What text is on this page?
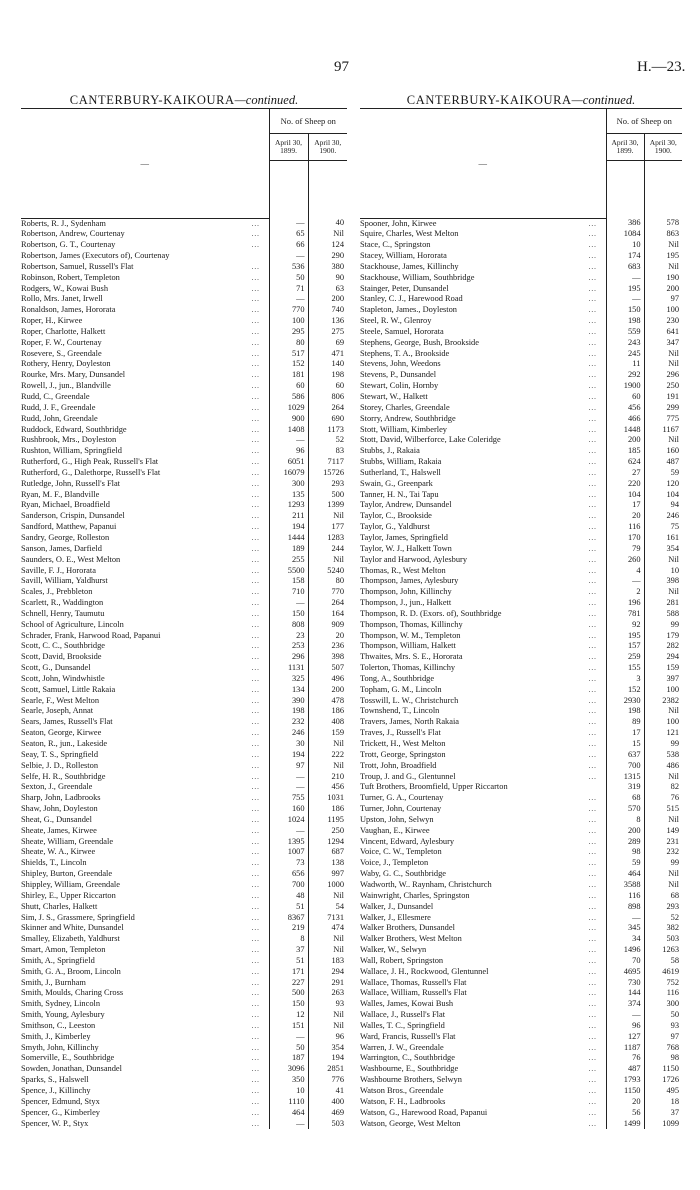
97	H.—23.
CANTERBURY-KAIKOURA—continued.
—		No. of Sheep on	
		April 30, 1899.	April 30, 1900.

Roberts, R. J., Sydenham	...	—	40
Robertson, Andrew, Courtenay	...	65	Nil
Robertson, G. T., Courtenay	...	66	124
Robertson, James (Executors of), Courtenay		—	290
Robertson, Samuel, Russell's Flat	...	536	380
Robinson, Robert, Templeton	...	50	90
Rodgers, W., Kowai Bush	...	71	63
Rollo, Mrs. Janet, Irwell	...	—	200
Ronaldson, James, Hororata	...	770	740
Roper, H., Kirwee	...	100	136
Roper, Charlotte, Halkett	...	295	275
Roper, F. W., Courtenay	...	80	69
Rosevere, S., Greendale	...	517	471
Rothery, Henry, Doyleston	...	152	140
Rourke, Mrs. Mary, Dunsandel	...	181	198
Rowell, J., jun., Blandville	...	60	60
Rudd, C., Greendale	...	586	806
Rudd, J. F., Greendale	...	1029	264
Rudd, John, Greendale	...	900	690
Ruddock, Edward, Southbridge	...	1408	1173
Rushbrook, Mrs., Doyleston	...	—	52
Rushton, William, Springfield	...	96	83
Rutherford, G., High Peak, Russell's Flat	...	6051	7117
Rutherford, G., Dalethorpe, Russell's Flat	...	16079	15726
Rutledge, John, Russell's Flat	...	300	293
Ryan, M. F., Blandville	...	135	500
Ryan, Michael, Broadfield	...	1293	1399
Sanderson, Crispin, Dunsandel	...	211	Nil
Sandford, Matthew, Papanui	...	194	177
Sandry, George, Rolleston	...	1444	1283
Sanson, James, Darfield	...	189	244
Saunders, O. E., West Melton	...	255	Nil
Saville, F. J., Hororata	...	5500	5240
Savill, William, Yaldhurst	...	158	80
Scales, J., Prebbleton	...	710	770
Scarlett, R., Waddington	...	—	264
Schnell, Henry, Taumutu	...	150	164
School of Agriculture, Lincoln	...	808	909
Schrader, Frank, Harwood Road, Papanui	...	23	20
Scott, C. C., Southbridge	...	253	236
Scott, David, Brookside	...	296	398
Scott, G., Dunsandel	...	1131	507
Scott, John, Windwhistle	...	325	496
Scott, Samuel, Little Rakaia	...	134	200
Searle, F., West Melton	...	390	478
Searle, Joseph, Annat	...	198	186
Sears, James, Russell's Flat	...	232	408
Seaton, George, Kirwee	...	246	159
Seaton, R., jun., Lakeside	...	30	Nil
Seay, T. S., Springfield	...	194	222
Selbie, J. D., Rolleston	...	97	Nil
Selfe, H. R., Southbridge	...	—	210
Sexton, J., Greendale	...	—	456
Sharp, John, Ladbrooks	...	755	1031
Shaw, John, Doyleston	...	160	186
Sheat, G., Dunsandel	...	1024	1195
Sheate, James, Kirwee	...	—	250
Sheate, William, Greendale	...	1395	1294
Sheate, W. A., Kirwee	...	1007	687
Shields, T., Lincoln	...	73	138
Shipley, Burton, Greendale	...	656	997
Shippley, William, Greendale	...	700	1000
Shirley, E., Upper Riccarton	...	48	Nil
Shutt, Charles, Halkett	...	51	54
Sim, J. S., Grassmere, Springfield	...	8367	7131
Skinner and White, Dunsandel	...	219	474
Smalley, Elizabeth, Yaldhurst	...	8	Nil
Smart, Amon, Templeton	...	37	Nil
Smith, A., Springfield	...	51	183
Smith, G. A., Broom, Lincoln	...	171	294
Smith, J., Burnham	...	227	291
Smith, Moulds, Charing Cross	...	500	263
Smith, Sydney, Lincoln	...	150	93
Smith, Young, Aylesbury	...	12	Nil
Smithson, C., Leeston	...	151	Nil
Smith, J., Kimberley	...	—	96
Smyth, John, Killinchy	...	50	354
Somerville, E., Southbridge	...	187	194
Sowden, Jonathan, Dunsandel	...	3096	2851
Sparks, S., Halswell	...	350	776
Spence, J., Killinchy	...	10	41
Spencer, Edmund, Styx	...	1110	400
Spencer, G., Kimberley	...	464	469
Spencer, W. P., Styx	...	—	503
CANTERBURY-KAIKOURA—continued.
—		No. of Sheep on	
		April 30, 1899.	April 30, 1900.

Spooner, John, Kirwee	...	386	578
Squire, Charles, West Melton	...	1084	863
Stace, C., Springston	...	10	Nil
Stacey, William, Hororata	...	174	195
Stackhouse, James, Killinchy	...	683	Nil
Stackhouse, William, Southbridge	...	—	190
Stainger, Peter, Dunsandel	...	195	200
Stanley, C. J., Harewood Road	...	—	97
Stapleton, James., Doyleston	...	150	100
Steel, R. W., Glenroy	...	198	230
Steele, Samuel, Hororata	...	559	641
Stephens, George, Bush, Brookside	...	243	347
Stephens, T. A., Brookside	...	245	Nil
Stevens, John, Weedons	...	11	Nil
Stevens, P., Dunsandel	...	292	296
Stewart, Colin, Hornby	...	1900	250
Stewart, W., Halkett	...	60	191
Storey, Charles, Greendale	...	456	299
Storry, Andrew, Southbridge	...	466	775
Stott, William, Kimberley	...	1448	1167
Stott, David, Wilberforce, Lake Coleridge	...	200	Nil
Stubbs, J., Rakaia	...	185	160
Stubbs, William, Rakaia	...	624	487
Sutherland, T., Halswell	...	27	59
Swain, G., Greenpark	...	220	120
Tanner, H. N., Tai Tapu	...	104	104
Taylor, Andrew, Dunsandel	...	17	94
Taylor, C., Brookside	...	20	246
Taylor, G., Yaldhurst	...	116	75
Taylor, James, Springfield	...	170	161
Taylor, W. J., Halkett Town	...	79	354
Taylor and Harwood, Aylesbury	...	260	Nil
Thomas, R., West Melton	...	4	10
Thompson, James, Aylesbury	...	—	398
Thompson, John, Killinchy	...	2	Nil
Thompson, J., jun., Halkett	...	196	281
Thompson, R. D. (Exors. of), Southbridge	...	781	588
Thompson, Thomas, Killinchy	...	92	99
Thompson, W. M., Templeton	...	195	179
Thompson, William, Halkett	...	157	282
Thwaites, Mrs. S. E., Hororata	...	259	294
Tolerton, Thomas, Killinchy	...	155	159
Tong, A., Southbridge	...	3	397
Topham, G. M., Lincoln	...	152	100
Tosswill, L. W., Christchurch	...	2930	2382
Townshend, T., Lincoln	...	198	Nil
Travers, James, North Rakaia	...	89	100
Traves, J., Russell's Flat	...	17	121
Trickett, H., West Melton	...	15	99
Trott, George, Springston	...	637	538
Trott, John, Broadfield	...	700	486
Troup, J. and G., Glentunnel	...	1315	Nil
Tuft Brothers, Broomfield, Upper Riccarton		319	82
Turner, G. A., Courtenay	...	68	76
Turner, John, Courtenay	...	570	515
Upston, John, Selwyn	...	8	Nil
Vaughan, E., Kirwee	...	200	149
Vincent, Edward, Aylesbury	...	289	231
Voice, C. W., Templeton	...	98	232
Voice, J., Templeton	...	59	99
Waby, G. C., Southbridge	...	464	Nil
Wadworth, W.. Raynham, Christchurch	...	3588	Nil
Wainwright, Charles, Springston	...	116	68
Walker, J., Dunsandel	...	898	293
Walker, J., Ellesmere	...	—	52
Walker Brothers, Dunsandel	...	345	382
Walker Brothers, West Melton	...	34	503
Walker, W., Selwyn	...	1496	1263
Wall, Robert, Springston	...	70	58
Wallace, J. H., Rockwood, Glentunnel	...	4695	4619
Wallace, Thomas, Russell's Flat	...	730	752
Wallace, William, Russell's Flat	...	144	116
Walles, James, Kowai Bush	...	374	300
Wallace, J., Russell's Flat	...	—	50
Walles, T. C., Springfield	...	96	93
Ward, Francis, Russell's Flat	...	127	97
Warren, J. W., Greendale	...	1187	768
Warrington, C., Southbridge	...	76	98
Washbourne, E., Southbridge	...	487	1150
Washbourne Brothers, Selwyn	...	1793	1726
Watson Bros., Greendale	...	1150	495
Watson, F. H., Ladbrooks	...	20	18
Watson, G., Harewood Road, Papanui	...	56	37
Watson, George, West Melton	...	1499	1099
